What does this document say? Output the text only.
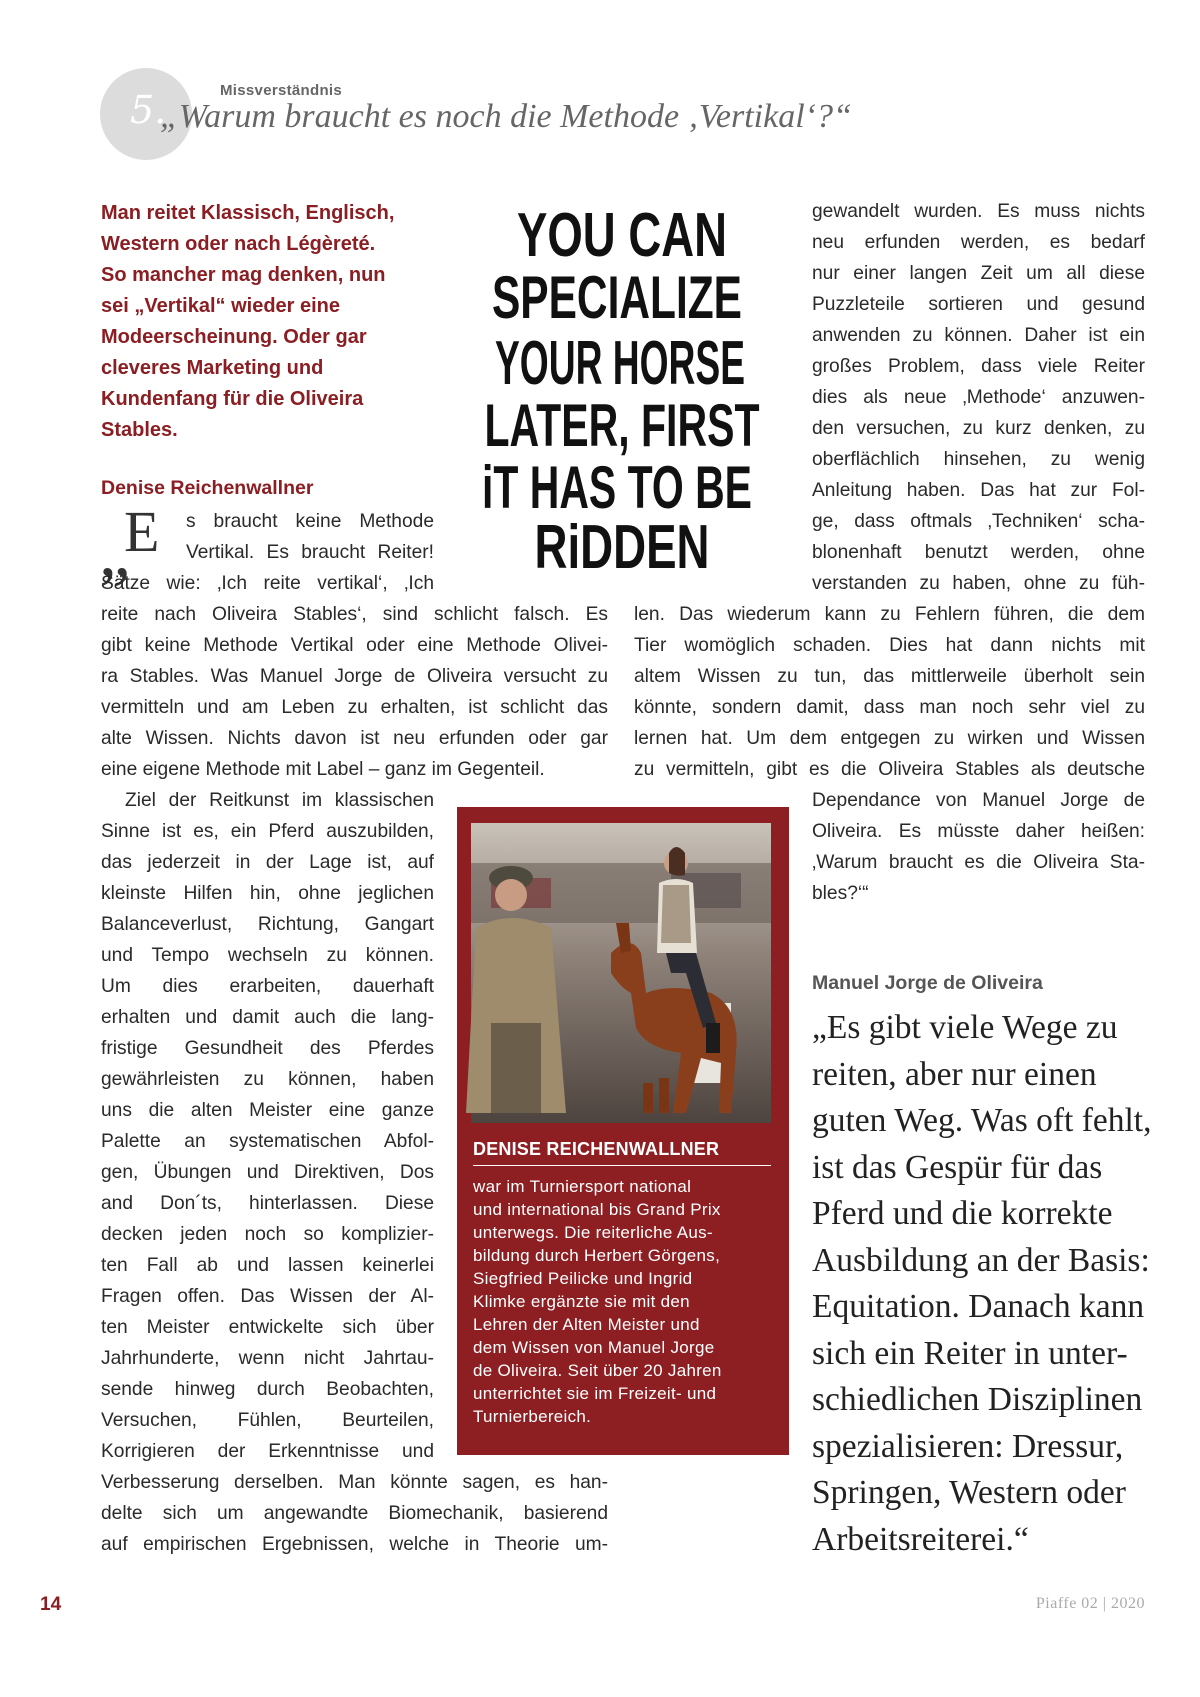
5.	Missverständnis
„Warum braucht es noch die Methode ‚Vertikal‘?“

Man reitet Klassisch, Englisch,

Western oder nach Légèreté.

So mancher mag denken, nun

sei „Vertikal“ wieder eine

Modeerscheinung. Oder gar

cleveres Marketing und

Kundenfang für die Oliveira

Stables.

YOU CAN
SPECIALIZE
YOUR HORSE
LATER, FIRST
iT HAS TO BE
RiDDEN
Denise Reichenwallner
„
E s braucht keine Methode

Vertikal. Es braucht Reiter!

Sätze wie: ‚Ich reite vertikal‘, ‚Ich

reite nach Oliveira Stables‘, sind schlicht falsch. Es

gibt keine Methode Vertikal oder eine Methode Olivei-

ra Stables. Was Manuel Jorge de Oliveira versucht zu

vermitteln und am Leben zu erhalten, ist schlicht das

alte Wissen. Nichts davon ist neu erfunden oder gar

eine eigene Methode mit Label – ganz im Gegenteil.

Ziel der Reitkunst im klassischen

Sinne ist es, ein Pferd auszubilden,

das jederzeit in der Lage ist, auf

kleinste Hilfen hin, ohne jeglichen

Balanceverlust, Richtung, Gangart

und Tempo wechseln zu können.

Um dies erarbeiten, dauerhaft

erhalten und damit auch die lang-

fristige Gesundheit des Pferdes

gewährleisten zu können, haben

uns die alten Meister eine ganze

Palette an systematischen Abfol-

gen, Übungen und Direktiven, Dos

and Don´ts, hinterlassen. Diese

decken jeden noch so komplizier-

ten Fall ab und lassen keinerlei

Fragen offen. Das Wissen der Al-

ten Meister entwickelte sich über

Jahrhunderte, wenn nicht Jahrtau-

sende hinweg durch Beobachten,

Versuchen, Fühlen, Beurteilen,

Korrigieren der Erkenntnisse und

Verbesserung derselben. Man könnte sagen, es han-

delte sich um angewandte Biomechanik, basierend

auf empirischen Ergebnissen, welche in Theorie um-

gewandelt wurden. Es muss nichts

neu erfunden werden, es bedarf

nur einer langen Zeit um all diese

Puzzleteile sortieren und gesund

anwenden zu können. Daher ist ein

großes Problem, dass viele Reiter

dies als neue ‚Methode‘ anzuwen-

den versuchen, zu kurz denken, zu

oberflächlich hinsehen, zu wenig

Anleitung haben. Das hat zur Fol-

ge, dass oftmals ‚Techniken‘ scha-

blonenhaft benutzt werden, ohne

verstanden zu haben, ohne zu füh-

len. Das wiederum kann zu Fehlern führen, die dem

Tier womöglich schaden. Dies hat dann nichts mit

altem Wissen zu tun, das mittlerweile überholt sein

könnte, sondern damit, dass man noch sehr viel zu

lernen hat. Um dem entgegen zu wirken und Wissen

zu vermitteln, gibt es die Oliveira Stables als deutsche

Dependance von Manuel Jorge de

Oliveira. Es müsste daher heißen:

‚Warum braucht es die Oliveira Sta-

bles?‘“

DENISE REICHENWALLNER
war im Turniersport national
und international bis Grand Prix
unterwegs. Die reiterliche Aus-
bildung durch Herbert Görgens,
Siegfried Peilicke und Ingrid
Klimke ergänzte sie mit den
Lehren der Alten Meister und
dem Wissen von Manuel Jorge
de Oliveira. Seit über 20 Jahren
unterrichtet sie im Freizeit- und
Turnierbereich.
Manuel Jorge de Oliveira
„Es gibt viele Wege zu
reiten, aber nur einen
guten Weg. Was oft fehlt,
ist das Gespür für das
Pferd und die korrekte
Ausbildung an der Basis:
Equitation. Danach kann
sich ein Reiter in unter-
schiedlichen Disziplinen
spezialisieren: Dressur,
Springen, Western oder
Arbeitsreiterei.“
14	Piaffe 02 | 2020
